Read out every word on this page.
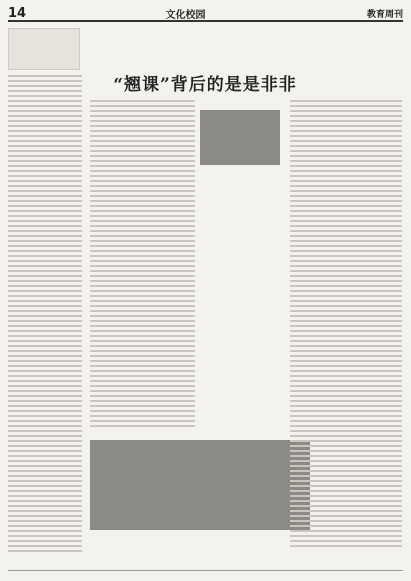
14	文化校园	教育周刊
“翘课”背后的是是非非
